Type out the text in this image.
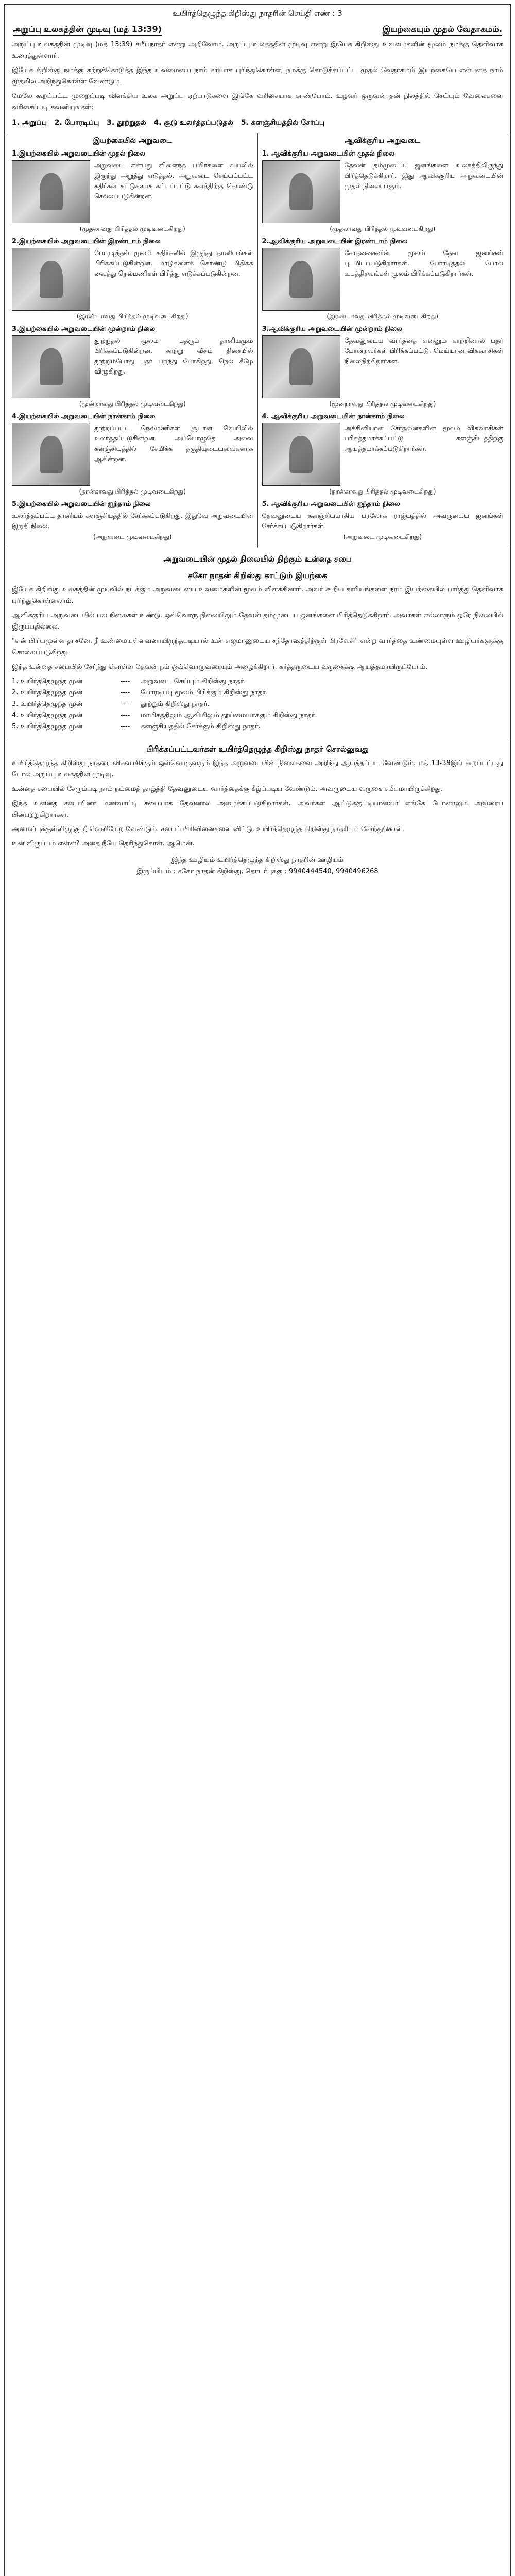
உயிர்த்தெழுந்த கிறிஸ்து நாதரின் செய்தி எண் : 3
அறுப்பு உலகத்தின் முடிவு (மத் 13:39)	இயற்கையும் முதல் வேதாகமம்.

அறுப்பு உலகத்தின் முடிவு (மத் 13:39) சமீபநாதர் என்று அறிவோம். அறுப்பு உலகத்தின் முடிவு என்று இயேசு கிறிஸ்து உவமைகளின் மூலம் நமக்கு தெளிவாக உரைத்துள்ளார்.

இயேசு கிறிஸ்து நமக்கு கற்றுக்கொடுத்த இந்த உவமையை நாம் சரியாக புரிந்துகொள்ள, நமக்கு கொடுக்கப்பட்ட முதல் வேதாகமம் இயற்கையே என்பதை நாம் முதலில் அறிந்துகொள்ள வேண்டும்.

மேலே கூறப்பட்ட முறைப்படி விளக்கிய உலக அறுப்பு ஏற்பாடுகளை இங்கே வரிசையாக காண்போம். உழவர் ஒருவன் தன் நிலத்தில் செய்யும் வேலைகளை வரிசைப்படி கவனியுங்கள்:

1. அறுப்பு 2. போரடிப்பு 3. தூற்றுதல் 4. சூடு உலர்த்தப்படுதல் 5. களஞ்சியத்தில் சேர்ப்பு
இயற்கையில் அறுவடை
1.இயற்கையில் அறுவடையின் முதல் நிலை
அறுவடை என்பது விளைந்த பயிர்களை வயலில் இருந்து அறுத்து எடுத்தல். அறுவடை செய்யப்பட்ட கதிர்கள் கட்டுகளாக கட்டப்பட்டு களத்திற்கு கொண்டு செல்லப்படுகின்றன.
(முதலாவது பிரித்தல் முடிவடைகிறது)
2.இயற்கையில் அறுவடையின் இரண்டாம் நிலை
போரடித்தல் மூலம் கதிர்களில் இருந்து தானியங்கள் பிரிக்கப்படுகின்றன. மாடுகளைக் கொண்டு மிதிக்க வைத்து நெல்மணிகள் பிரித்து எடுக்கப்படுகின்றன.
(இரண்டாவது பிரித்தல் முடிவடைகிறது)
3.இயற்கையில் அறுவடையின் மூன்றாம் நிலை
தூற்றுதல் மூலம் பதரும் தானியமும் பிரிக்கப்படுகின்றன. காற்று வீசும் திசையில் தூற்றும்போது பதர் பறந்து போகிறது, நெல் கீழே விழுகிறது.
(மூன்றாவது பிரித்தல் முடிவடைகிறது)
4.இயற்கையில் அறுவடையின் நான்காம் நிலை
தூற்றப்பட்ட நெல்மணிகள் சூடான வெயிலில் உலர்த்தப்படுகின்றன. அப்பொழுதே அவை களஞ்சியத்தில் சேமிக்க தகுதியுடையவைகளாக ஆகின்றன.
(நான்காவது பிரித்தல் முடிவடைகிறது)
5.இயற்கையில் அறுவடையின் ஐந்தாம் நிலை
உலர்த்தப்பட்ட தானியம் களஞ்சியத்தில் சேர்க்கப்படுகிறது. இதுவே அறுவடையின் இறுதி நிலை.
(அறுவடை முடிவடைகிறது)
ஆவிக்குரிய அறுவடை
1. ஆவிக்குரிய அறுவடையின் முதல் நிலை
தேவன் தம்முடைய ஜனங்களை உலகத்திலிருந்து பிரித்தெடுக்கிறார். இது ஆவிக்குரிய அறுவடையின் முதல் நிலையாகும்.
(முதலாவது பிரித்தல் முடிவடைகிறது)
2.ஆவிக்குரிய அறுவடையின் இரண்டாம் நிலை
சோதனைகளின் மூலம் தேவ ஜனங்கள் புடமிடப்படுகிறார்கள். போரடித்தல் போல உபத்திரவங்கள் மூலம் பிரிக்கப்படுகிறார்கள்.
(இரண்டாவது பிரித்தல் முடிவடைகிறது)
3.ஆவிக்குரிய அறுவடையின் மூன்றாம் நிலை
தேவனுடைய வார்த்தை என்னும் காற்றினால் பதர் போன்றவர்கள் பிரிக்கப்பட்டு, மெய்யான விசுவாசிகள் நிலைநிற்கிறார்கள்.
(மூன்றாவது பிரித்தல் முடிவடைகிறது)
4. ஆவிக்குரிய அறுவடையின் நான்காம் நிலை
அக்கினியான சோதனைகளின் மூலம் விசுவாசிகள் பரிசுத்தமாக்கப்பட்டு களஞ்சியத்திற்கு ஆயத்தமாக்கப்படுகிறார்கள்.
(நான்காவது பிரித்தல் முடிவடைகிறது)
5. ஆவிக்குரிய அறுவடையின் ஐந்தாம் நிலை
தேவனுடைய களஞ்சியமாகிய பரலோக ராஜ்யத்தில் அவருடைய ஜனங்கள் சேர்க்கப்படுகிறார்கள்.
(அறுவடை முடிவடைகிறது)
அறுவடையின் முதல் நிலையில் நிற்கும் உன்னத சபை
சகோ நாதன் கிறிஸ்து காட்டும் இயற்கை

இயேசு கிறிஸ்து உலகத்தின் முடிவில் நடக்கும் அறுவடையை உவமைகளின் மூலம் விளக்கினார். அவர் கூறிய காரியங்களை நாம் இயற்கையில் பார்த்து தெளிவாக புரிந்துகொள்ளலாம்.

ஆவிக்குரிய அறுவடையில் பல நிலைகள் உண்டு. ஒவ்வொரு நிலையிலும் தேவன் தம்முடைய ஜனங்களை பிரித்தெடுக்கிறார். அவர்கள் எல்லாரும் ஒரே நிலையில் இருப்பதில்லை.

"என் பிரியமுள்ள தாசனே, நீ உண்மையுள்ளவனாயிருந்தபடியால் உன் எஜமானுடைய சந்தோஷத்திற்குள் பிரவேசி" என்ற வார்த்தை உண்மையுள்ள ஊழியர்களுக்கு சொல்லப்படுகிறது.

இந்த உன்னத சபையில் சேர்ந்து கொள்ள தேவன் நம் ஒவ்வொருவரையும் அழைக்கிறார். கர்த்தருடைய வருகைக்கு ஆயத்தமாயிருப்போம்.

1. உயிர்த்தெழுந்த முன்	----	அறுவடை செய்யும் கிறிஸ்து நாதர்.
2. உயிர்த்தெழுந்த முன்	----	போரடிப்பு மூலம் பிரிக்கும் கிறிஸ்து நாதர்.
3. உயிர்த்தெழுந்த முன்	----	தூற்றும் கிறிஸ்து நாதர்.
4. உயிர்த்தெழுந்த முன்	----	மாமிசத்திலும் ஆவியிலும் தூய்மையாக்கும் கிறிஸ்து நாதர்.
5. உயிர்த்தெழுந்த முன்	----	களஞ்சியத்தில் சேர்க்கும் கிறிஸ்து நாதர்.
பிரிக்கப்பட்டவர்கள் உயிர்த்தெழுந்த கிறிஸ்து நாதர் சொல்லுவது

உயிர்த்தெழுந்த கிறிஸ்து நாதரை விசுவாசிக்கும் ஒவ்வொருவரும் இந்த அறுவடையின் நிலைகளை அறிந்து ஆயத்தப்பட வேண்டும். மத் 13-39இல் கூறப்பட்டது போல அறுப்பு உலகத்தின் முடிவு.

உன்னத சபையில் சேரும்படி நாம் நம்மைத் தாழ்த்தி தேவனுடைய வார்த்தைக்கு கீழ்ப்படிய வேண்டும். அவருடைய வருகை சமீபமாயிருக்கிறது.

இந்த உன்னத சபையினர் மணவாட்டி சபையாக தேவனால் அழைக்கப்படுகிறார்கள். அவர்கள் ஆட்டுக்குட்டியானவர் எங்கே போனாலும் அவரைப் பின்பற்றுகிறார்கள்.

அமைப்புக்குள்ளிருந்து நீ வெளியேற வேண்டும். சபைப் பிரிவினைகளை விட்டு, உயிர்த்தெழுந்த கிறிஸ்து நாதரிடம் சேர்ந்துகொள்.

உன் விருப்பம் என்ன? அதை நீயே தெரிந்துகொள். ஆமென்.

இந்த ஊழியம் உயிர்த்தெழுந்த கிறிஸ்து நாதரின் ஊழியம்
இருப்பிடம் : சகோ நாதன் கிறிஸ்து, தொடர்புக்கு : 9940444540, 9940496268
